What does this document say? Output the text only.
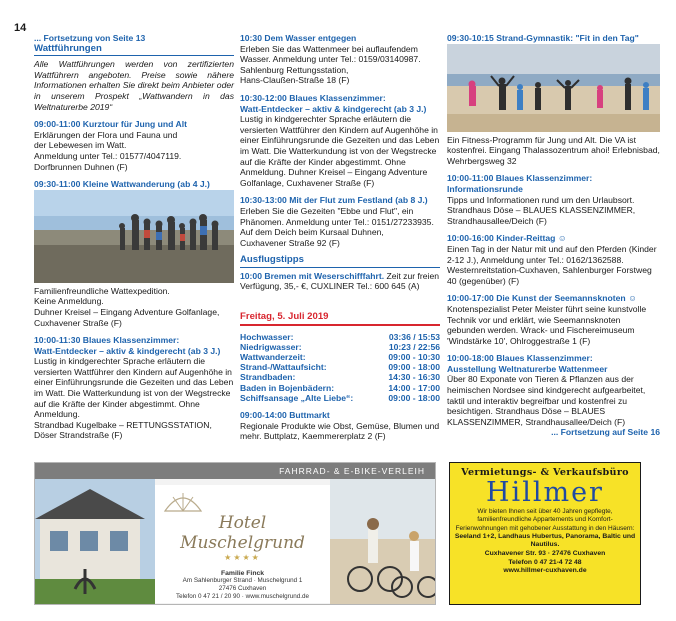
14
... Fortsetzung von Seite 13
Wattführungen
Alle Wattführungen werden von zertifizierten Wattführern angeboten. Preise sowie nähere Informationen erhalten Sie direkt beim Anbieter oder in unserem Prospekt „Wattwandern in das Weltnaturerbe 2019“
09:00-11:00 Kurztour für Jung und Alt
Erklärungen der Flora und Fauna und
der Lebewesen im Watt.
Anmeldung unter Tel.: 01577/4047119.
Dorfbrunnen Duhnen (F)
09:30-11:00 Kleine Wattwanderung (ab 4 J.)
Familienfreundliche Wattexpedition.
Keine Anmeldung.
Duhner Kreisel – Eingang Adventure Golfanlage,
Cuxhavener Straße (F)
10:00-11:30 Blaues Klassenzimmer:
Watt-Entdecker – aktiv & kindgerecht (ab 3 J.)
Lustig in kindgerechter Sprache erläutern die versierten Wattführer den Kindern auf Augenhöhe in einer Einführungsrunde die Gezeiten und das Leben im Watt. Die Watterkundung ist von der Wegstrecke auf die Kräfte der Kinder abgestimmt. Ohne Anmeldung.
Strandbad Kugelbake – RETTUNGSSTATION,
Döser Strandstraße (F)
10:30 Dem Wasser entgegen
Erleben Sie das Wattenmeer bei auflaufendem Wasser. Anmeldung unter Tel.: 0159/03140987. Sahlenburg Rettungsstation,
Hans-Claußen-Straße 18 (F)
10:30-12:00 Blaues Klassenzimmer:
Watt-Entdecker – aktiv & kindgerecht (ab 3 J.)
Lustig in kindgerechter Sprache erläutern die versierten Wattführer den Kindern auf Augenhöhe in einer Einführungsrunde die Gezeiten und das Leben im Watt. Die Watterkundung ist von der Wegstrecke auf die Kräfte der Kinder abgestimmt. Ohne Anmeldung. Duhner Kreisel – Eingang Adventure Golfanlage, Cuxhavener Straße (F)
10:30-13:00 Mit der Flut zum Festland (ab 8 J.)
Erleben Sie die Gezeiten "Ebbe und Flut", ein Phänomen. Anmeldung unter Tel.: 0151/27233935. Auf dem Deich beim Kursaal Duhnen,
Cuxhavener Straße 92 (F)
Ausflugstipps
10:00 Bremen mit Weserschifffahrt. Zeit zur freien Verfügung, 35,- €, CUXLINER Tel.: 600 645 (A)
Freitag, 5. Juli 2019
Hochwasser:	03:36 / 15:53
Niedrigwasser:	10:23 / 22:56
Wattwanderzeit:	09:00 - 10:30
Strand-/Wattaufsicht:	09:00 - 18:00
Strandbaden:	14:30 - 16:30
Baden in Bojenbädern:	14:00 - 17:00
Schiffsansage „Alte Liebe“:	09:00 - 18:00
09:00-14:00 Buttmarkt
Regionale Produkte wie Obst, Gemüse, Blumen und mehr. Buttplatz, Kaemmererplatz 2 (F)
09:30-10:15 Strand-Gymnastik: "Fit in den Tag"
Ein Fitness-Programm für Jung und Alt. Die VA ist kostenfrei. Eingang Thalassozentrum ahoi! Erlebnisbad, Wehrbergsweg 32
10:00-11:00 Blaues Klassenzimmer:
Informationsrunde
Tipps und Informationen rund um den Urlaubsort. Strandhaus Döse – BLAUES KLASSENZIMMER, Strandhausallee/Deich (F)
10:00-16:00 Kinder-Reittag ☺
Einen Tag in der Natur mit und auf den Pferden (Kinder 2-12 J.), Anmeldung unter Tel.: 0162/1362588. Westernreitstation-Cuxhaven, Sahlenburger Forstweg 40 (gegenüber) (F)
10:00-17:00 Die Kunst der Seemannsknoten ☺
Knotenspezialist Peter Meister führt seine kunstvolle Technik vor und erklärt, wie Seemannsknoten gebunden werden. Wrack- und Fischereimuseum 'Windstärke 10', Ohlroggestraße 1 (F)
10:00-18:00 Blaues Klassenzimmer:
Ausstellung Weltnaturerbe Wattenmeer
Über 80 Exponate von Tieren & Pflanzen aus der heimischen Nordsee sind kindgerecht aufgearbeitet, taktil und interaktiv begreifbar und kostenfrei zu besichtigen. Strandhaus Döse – BLAUES KLASSENZIMMER, Strandhausallee/Deich (F)
... Fortsetzung auf Seite 16
FAHRRAD- & E-BIKE-VERLEIH
Hotel Muschelgrund
★★★★
Familie Finck
Am Sahlenburger Strand · Muschelgrund 1
27476 Cuxhaven
Telefon 0 47 21 / 20 90 · www.muschelgrund.de
Vermietungs- & Verkaufsbüro
Hillmer
Wir bieten Ihnen seit über 40 Jahren gepflegte, familienfreundliche Appartements und Komfort-Ferienwohnungen mit gehobener Ausstattung in den Häusern:
Seeland 1+2, Landhaus Hubertus, Panorama, Baltic und Nautilus.
Cuxhavener Str. 93 · 27476 Cuxhaven
Telefon 0 47 21-4 72 48
www.hillmer-cuxhaven.de
